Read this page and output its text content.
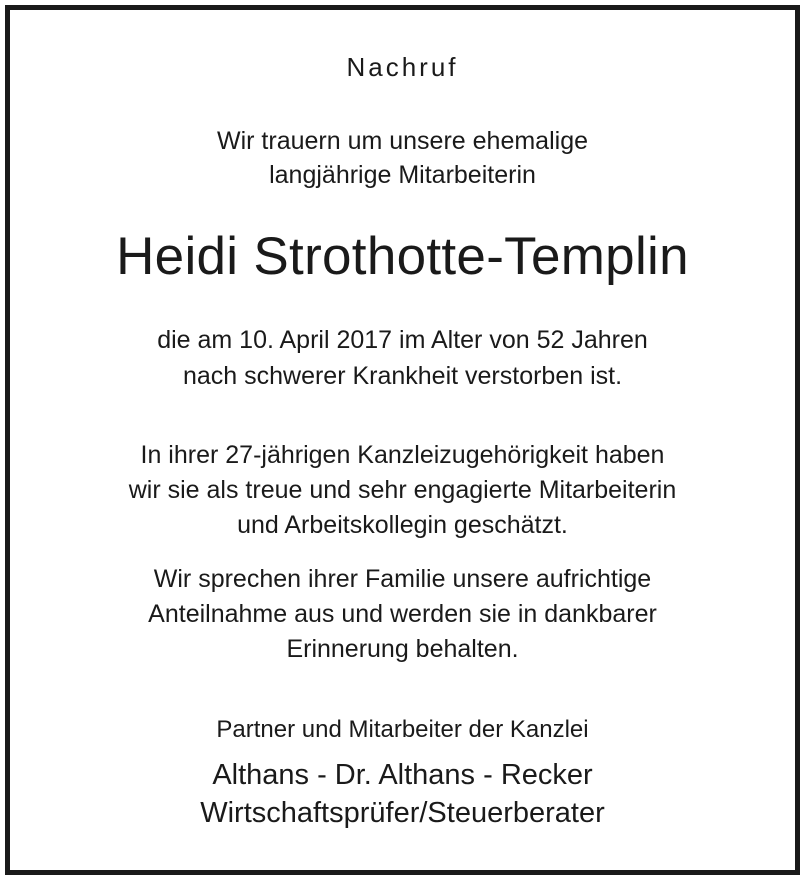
Nachruf
Wir trauern um unsere ehemalige
langjährige Mitarbeiterin
Heidi Strothotte-Templin
die am 10. April 2017 im Alter von 52 Jahren
nach schwerer Krankheit verstorben ist.
In ihrer 27-jährigen Kanzleizugehörigkeit haben
wir sie als treue und sehr engagierte Mitarbeiterin
und Arbeitskollegin geschätzt.
Wir sprechen ihrer Familie unsere aufrichtige
Anteilnahme aus und werden sie in dankbarer
Erinnerung behalten.
Partner und Mitarbeiter der Kanzlei
Althans - Dr. Althans - Recker
Wirtschaftsprüfer/Steuerberater
